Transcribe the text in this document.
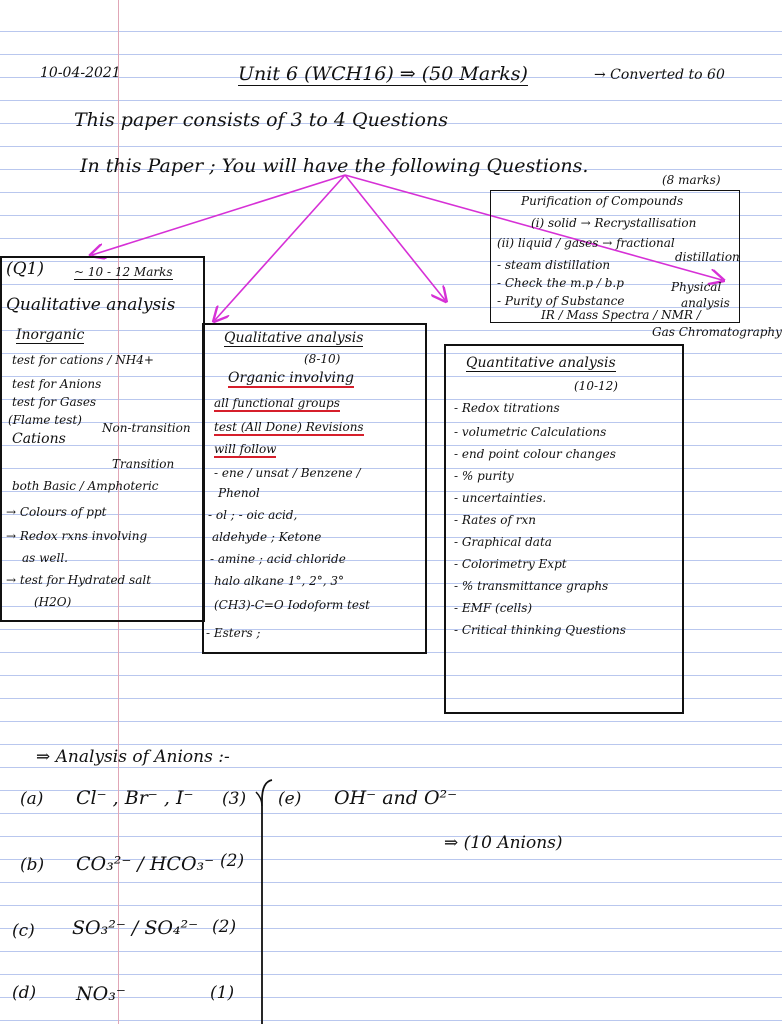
10-04-2021	Unit 6 (WCH16) ⇒ (50 Marks)	→ Converted to 60
This paper consists of 3 to 4 Questions
In this Paper ; You will have the following Questions.
(Q1) ~ 10 - 12 Marks
Qualitative analysis
Inorganic
test for cations / NH4+
test for Anions
test for Gases
(Flame test)
Cations
Non-transition
Transition
both Basic / Amphoteric
→ Colours of ppt
→ Redox rxns involving
as well.
→ test for Hydrated salt
(H2O)
Qualitative analysis
(8-10)
Organic involving
all functional groups
test (All Done) Revisions
will follow
- ene / unsat / Benzene /
Phenol
- ol ; - oic acid,
aldehyde ; Ketone
- amine ; acid chloride
halo alkane 1°, 2°, 3°
(CH3)-C=O Iodoform test
- Esters ;
Quantitative analysis
(10-12)
- Redox titrations
- volumetric Calculations
- end point colour changes
- % purity
- uncertainties.
- Rates of rxn
- Graphical data
- Colorimetry Expt
- % transmittance graphs
- EMF (cells)
- Critical thinking Questions
(8 marks)
Purification of Compounds
(i) solid → Recrystallisation
(ii) liquid / gases → fractional
distillation
- steam distillation
- Check the m.p / b.p
- Purity of Substance
IR / Mass Spectra / NMR /
Physical
analysis
Gas Chromatography
⇒ Analysis of Anions :-
(a) Cl⁻ , Br⁻ , I⁻ (3)
(b) CO₃²⁻ / HCO₃⁻ (2)
(c) SO₃²⁻ / SO₄²⁻ (2)
(d) NO₃⁻	(1)
(e) OH⁻ and O²⁻
⇒ (10 Anions)
